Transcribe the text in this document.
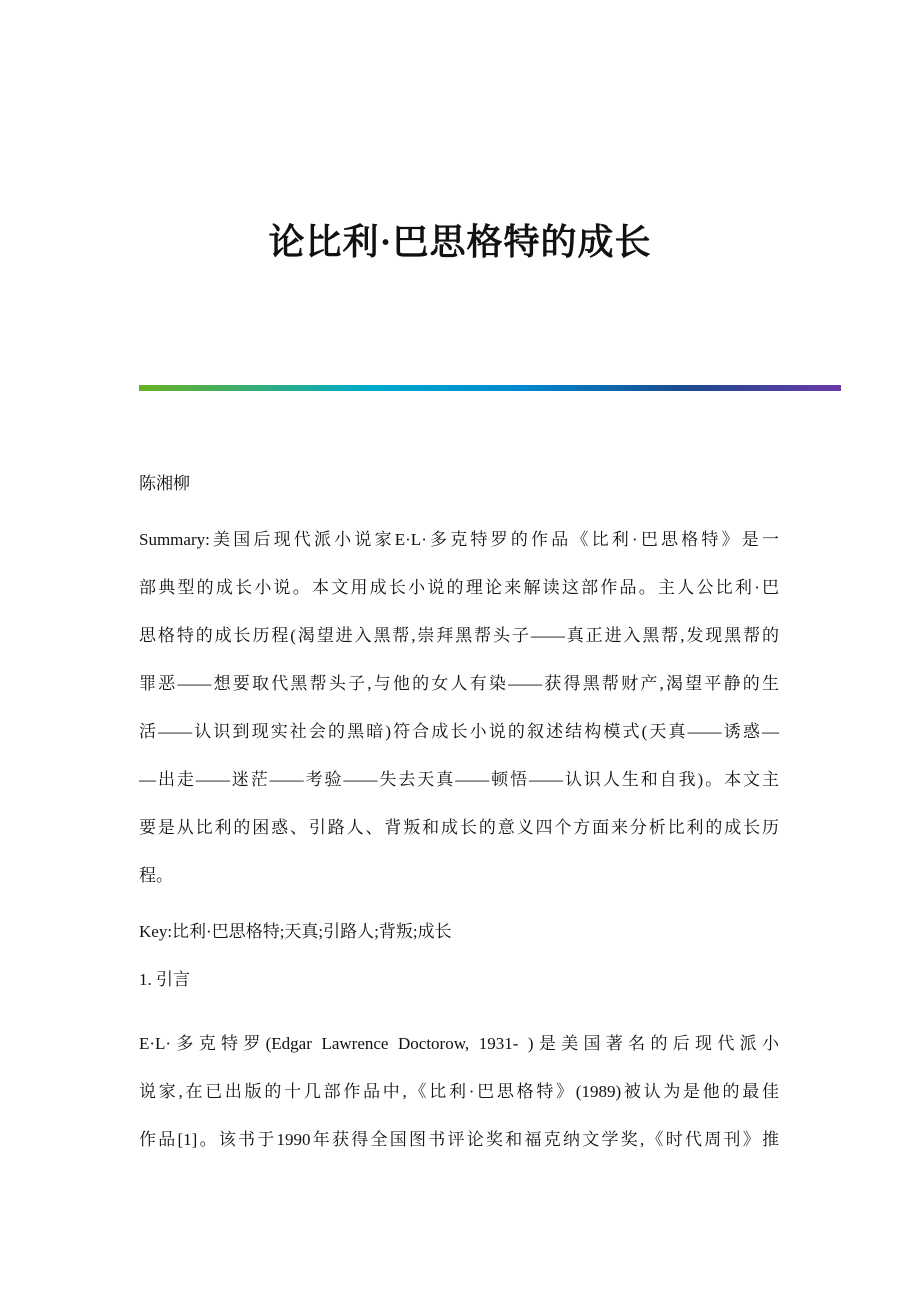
论比利·巴思格特的成长
陈湘柳
Summary:美国后现代派小说家E·L·多克特罗的作品《比利·巴思格特》是一
部典型的成长小说。本文用成长小说的理论来解读这部作品。主人公比利·巴
思格特的成长历程(渴望进入黑帮,崇拜黑帮头子——真正进入黑帮,发现黑帮的
罪恶——想要取代黑帮头子,与他的女人有染——获得黑帮财产,渴望平静的生
活——认识到现实社会的黑暗)符合成长小说的叙述结构模式(天真——诱惑—
—出走——迷茫——考验——失去天真——顿悟——认识人生和自我)。本文主
要是从比利的困惑、引路人、背叛和成长的意义四个方面来分析比利的成长历
程。
Key:比利·巴思格特;天真;引路人;背叛;成长
1. 引言
E·L·多克特罗(Edgar Lawrence Doctorow, 1931- )是美国著名的后现代派小
说家,在已出版的十几部作品中,《比利·巴思格特》(1989)被认为是他的最佳
作品[1]。该书于1990年获得全国图书评论奖和福克纳文学奖,《时代周刊》推
